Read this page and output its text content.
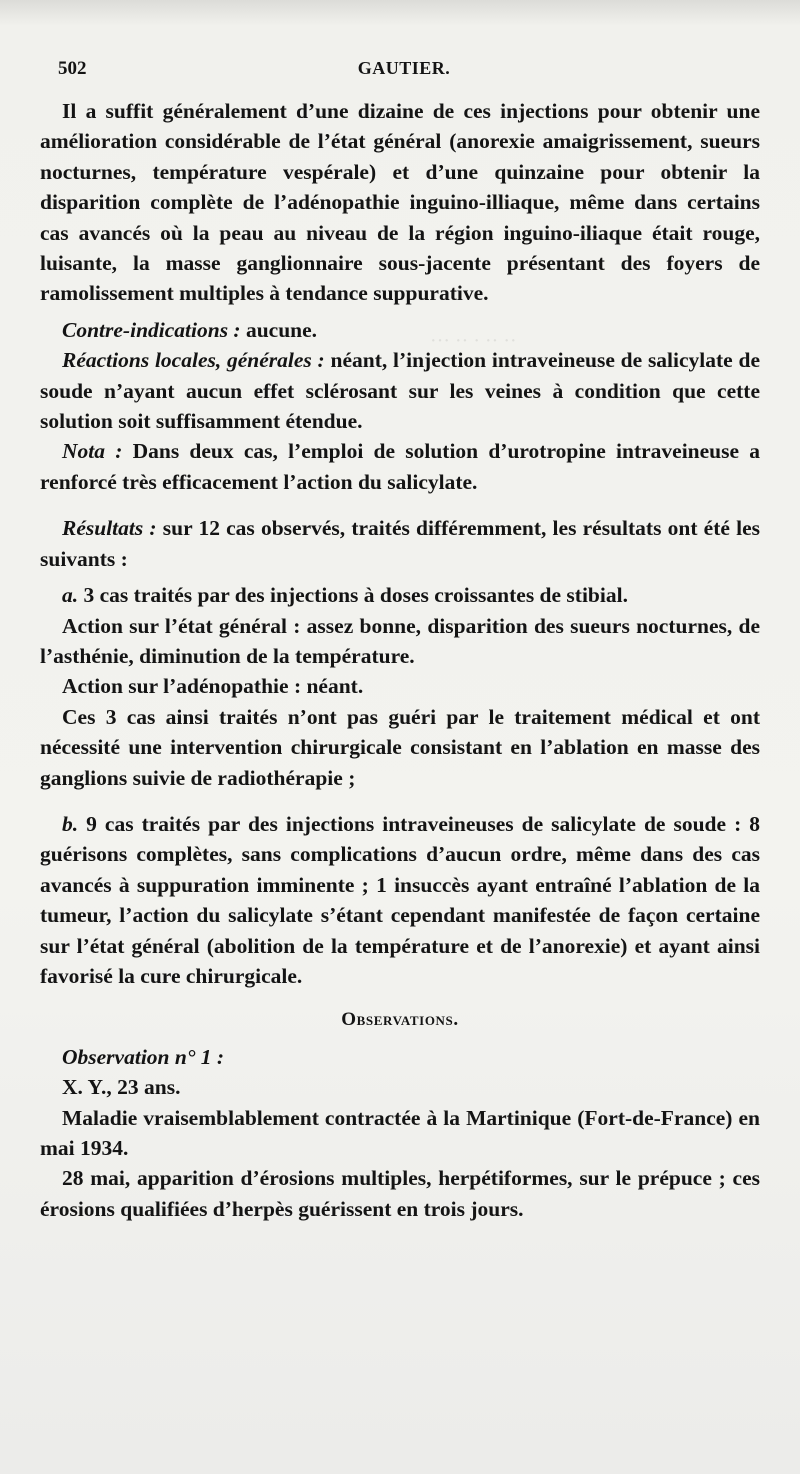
·· ·· · ·· ···
502	GAUTIER.

Il a suffit généralement d’une dizaine de ces injections pour obtenir une amélioration considérable de l’état général (anorexie amaigrissement, sueurs nocturnes, température vespérale) et d’une quinzaine pour obtenir la disparition complète de l’adénopathie inguino-illiaque, même dans certains cas avancés où la peau au niveau de la région inguino-iliaque était rouge, luisante, la masse ganglionnaire sous-jacente présentant des foyers de ramolissement multiples à tendance suppurative.

Contre-indications : aucune.

Réactions locales, générales : néant, l’injection intraveineuse de salicylate de soude n’ayant aucun effet sclérosant sur les veines à condition que cette solution soit suffisamment étendue.

Nota : Dans deux cas, l’emploi de solution d’urotropine intraveineuse a renforcé très efficacement l’action du salicylate.

Résultats : sur 12 cas observés, traités différemment, les résultats ont été les suivants :

a. 3 cas traités par des injections à doses croissantes de stibial.

Action sur l’état général : assez bonne, disparition des sueurs nocturnes, de l’asthénie, diminution de la température.

Action sur l’adénopathie : néant.

Ces 3 cas ainsi traités n’ont pas guéri par le traitement médical et ont nécessité une intervention chirurgicale consistant en l’ablation en masse des ganglions suivie de radiothérapie ;

b. 9 cas traités par des injections intraveineuses de salicylate de soude : 8 guérisons complètes, sans complications d’aucun ordre, même dans des cas avancés à suppuration imminente ; 1 insuccès ayant entraîné l’ablation de la tumeur, l’action du salicylate s’étant cependant manifestée de façon certaine sur l’état général (abolition de la température et de l’anorexie) et ayant ainsi favorisé la cure chirurgicale.

Observations.

Observation n° 1 :

X. Y., 23 ans.

Maladie vraisemblablement contractée à la Martinique (Fort-de-France) en mai 1934.

28 mai, apparition d’érosions multiples, herpétiformes, sur le prépuce ; ces érosions qualifiées d’herpès guérissent en trois jours.
